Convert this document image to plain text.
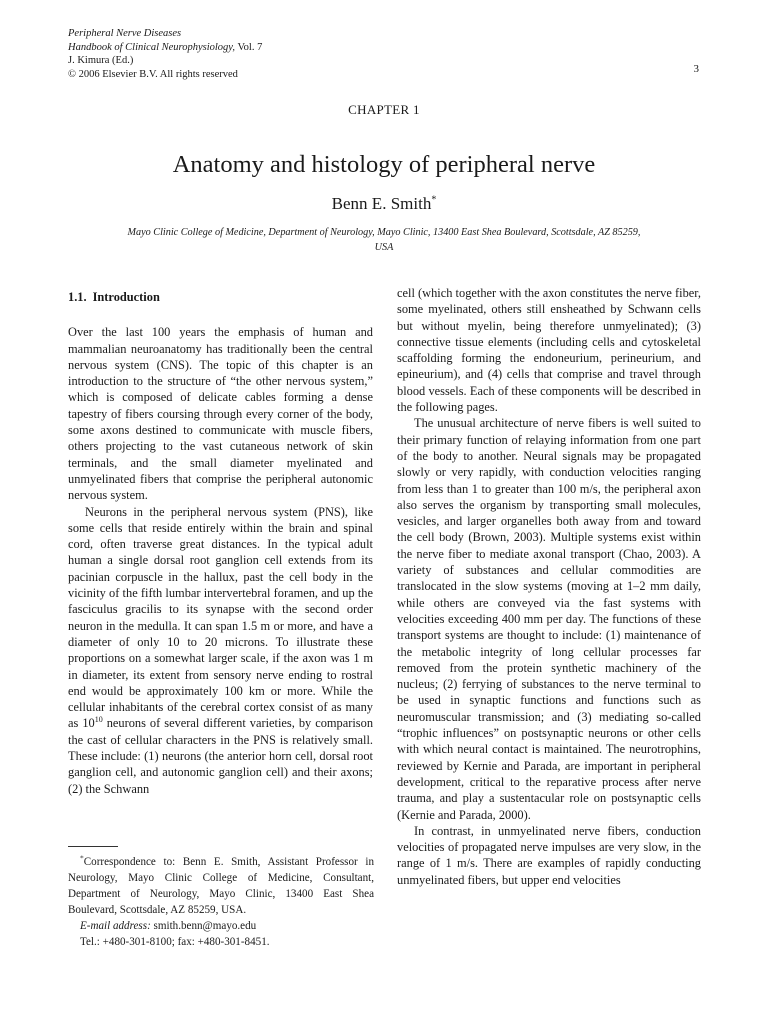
Peripheral Nerve Diseases
Handbook of Clinical Neurophysiology, Vol. 7
J. Kimura (Ed.)
© 2006 Elsevier B.V. All rights reserved	3
CHAPTER 1
Anatomy and histology of peripheral nerve
Benn E. Smith*
Mayo Clinic College of Medicine, Department of Neurology, Mayo Clinic, 13400 East Shea Boulevard, Scottsdale, AZ 85259, USA
1.1. Introduction

Over the last 100 years the emphasis of human and mammalian neuroanatomy has traditionally been the central nervous system (CNS). The topic of this chapter is an introduction to the structure of “the other nervous system,” which is composed of delicate cables forming a dense tapestry of fibers coursing through every corner of the body, some axons destined to communicate with muscle fibers, others projecting to the vast cutaneous network of skin terminals, and the small diameter myelinated and unmyelinated fibers that comprise the peripheral autonomic nervous system.

Neurons in the peripheral nervous system (PNS), like some cells that reside entirely within the brain and spinal cord, often traverse great distances. In the typical adult human a single dorsal root ganglion cell extends from its pacinian corpuscle in the hallux, past the cell body in the vicinity of the fifth lumbar intervertebral foramen, and up the fasciculus gracilis to its synapse with the second order neuron in the medulla. It can span 1.5 m or more, and have a diameter of only 10 to 20 microns. To illustrate these proportions on a somewhat larger scale, if the axon was 1 m in diameter, its extent from sensory nerve ending to rostral end would be approximately 100 km or more. While the cellular inhabitants of the cerebral cortex consist of as many as $10^{10}$ neurons of several different varieties, by comparison the cast of cellular characters in the PNS is relatively small. These include: (1) neurons (the anterior horn cell, dorsal root ganglion cell, and autonomic ganglion cell) and their axons; (2) the Schwann

cell (which together with the axon constitutes the nerve fiber, some myelinated, others still ensheathed by Schwann cells but without myelin, being therefore unmyelinated); (3) connective tissue elements (including cells and cytoskeletal scaffolding forming the endoneurium, perineurium, and epineurium), and (4) cells that comprise and travel through blood vessels. Each of these components will be described in the following pages.

The unusual architecture of nerve fibers is well suited to their primary function of relaying information from one part of the body to another. Neural signals may be propagated slowly or very rapidly, with conduction velocities ranging from less than 1 to greater than 100 m/s, the peripheral axon also serves the organism by transporting small molecules, vesicles, and larger organelles both away from and toward the cell body (Brown, 2003). Multiple systems exist within the nerve fiber to mediate axonal transport (Chao, 2003). A variety of substances and cellular commodities are translocated in the slow systems (moving at 1–2 mm daily, while others are conveyed via the fast systems with velocities exceeding 400 mm per day. The functions of these transport systems are thought to include: (1) maintenance of the metabolic integrity of long cellular processes far removed from the protein synthetic machinery of the nucleus; (2) ferrying of substances to the nerve terminal to be used in synaptic functions and functions such as neuromuscular transmission; and (3) mediating so-called “trophic influences” on postsynaptic neurons or other cells with which neural contact is maintained. The neurotrophins, reviewed by Kernie and Parada, are important in peripheral development, critical to the reparative process after nerve trauma, and play a sustentacular role on postsynaptic cells (Kernie and Parada, 2000).

In contrast, in unmyelinated nerve fibers, conduction velocities of propagated nerve impulses are very slow, in the range of 1 m/s. There are examples of rapidly conducting unmyelinated fibers, but upper end velocities

*Correspondence to: Benn E. Smith, Assistant Professor in Neurology, Mayo Clinic College of Medicine, Consultant, Department of Neurology, Mayo Clinic, 13400 East Shea Boulevard, Scottsdale, AZ 85259, USA.

E-mail address: smith.benn@mayo.edu

Tel.: +480-301-8100; fax: +480-301-8451.
